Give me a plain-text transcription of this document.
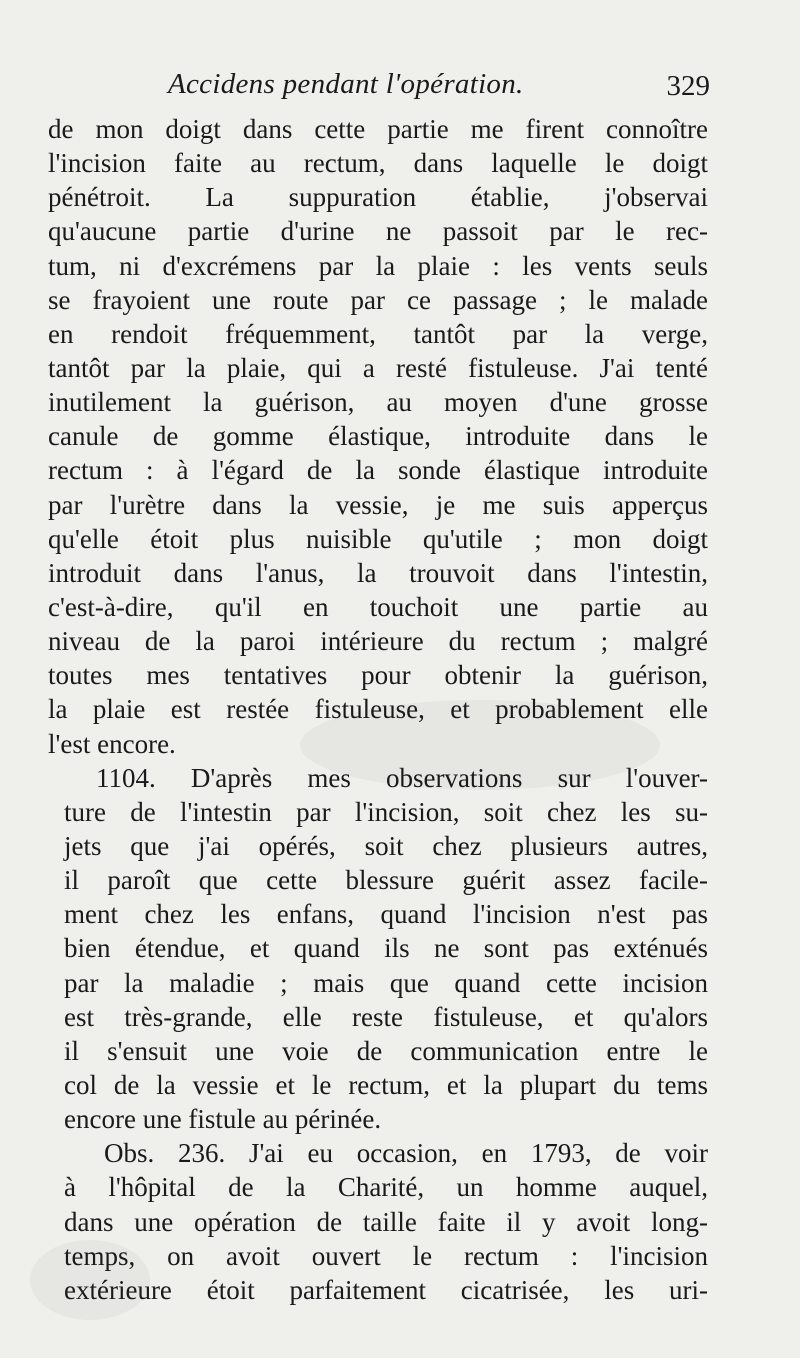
Accidens pendant l'opération.	329
de mon doigt dans cette partie me firent connoître
l'incision faite au rectum, dans laquelle le doigt
pénétroit. La suppuration établie, j'observai
qu'aucune partie d'urine ne passoit par le rec-
tum, ni d'excrémens par la plaie : les vents seuls
se frayoient une route par ce passage ; le malade
en rendoit fréquemment, tantôt par la verge,
tantôt par la plaie, qui a resté fistuleuse. J'ai tenté
inutilement la guérison, au moyen d'une grosse
canule de gomme élastique, introduite dans le
rectum : à l'égard de la sonde élastique introduite
par l'urètre dans la vessie, je me suis apperçus
qu'elle étoit plus nuisible qu'utile ; mon doigt
introduit dans l'anus, la trouvoit dans l'intestin,
c'est-à-dire, qu'il en touchoit une partie au
niveau de la paroi intérieure du rectum ; malgré
toutes mes tentatives pour obtenir la guérison,
la plaie est restée fistuleuse, et probablement elle
l'est encore.
1104. D'après mes observations sur l'ouver-
ture de l'intestin par l'incision, soit chez les su-
jets que j'ai opérés, soit chez plusieurs autres,
il paroît que cette blessure guérit assez facile-
ment chez les enfans, quand l'incision n'est pas
bien étendue, et quand ils ne sont pas exténués
par la maladie ; mais que quand cette incision
est très-grande, elle reste fistuleuse, et qu'alors
il s'ensuit une voie de communication entre le
col de la vessie et le rectum, et la plupart du tems
encore une fistule au périnée.
Obs. 236. J'ai eu occasion, en 1793, de voir
à l'hôpital de la Charité, un homme auquel,
dans une opération de taille faite il y avoit long-
temps, on avoit ouvert le rectum : l'incision
extérieure étoit parfaitement cicatrisée, les uri-
